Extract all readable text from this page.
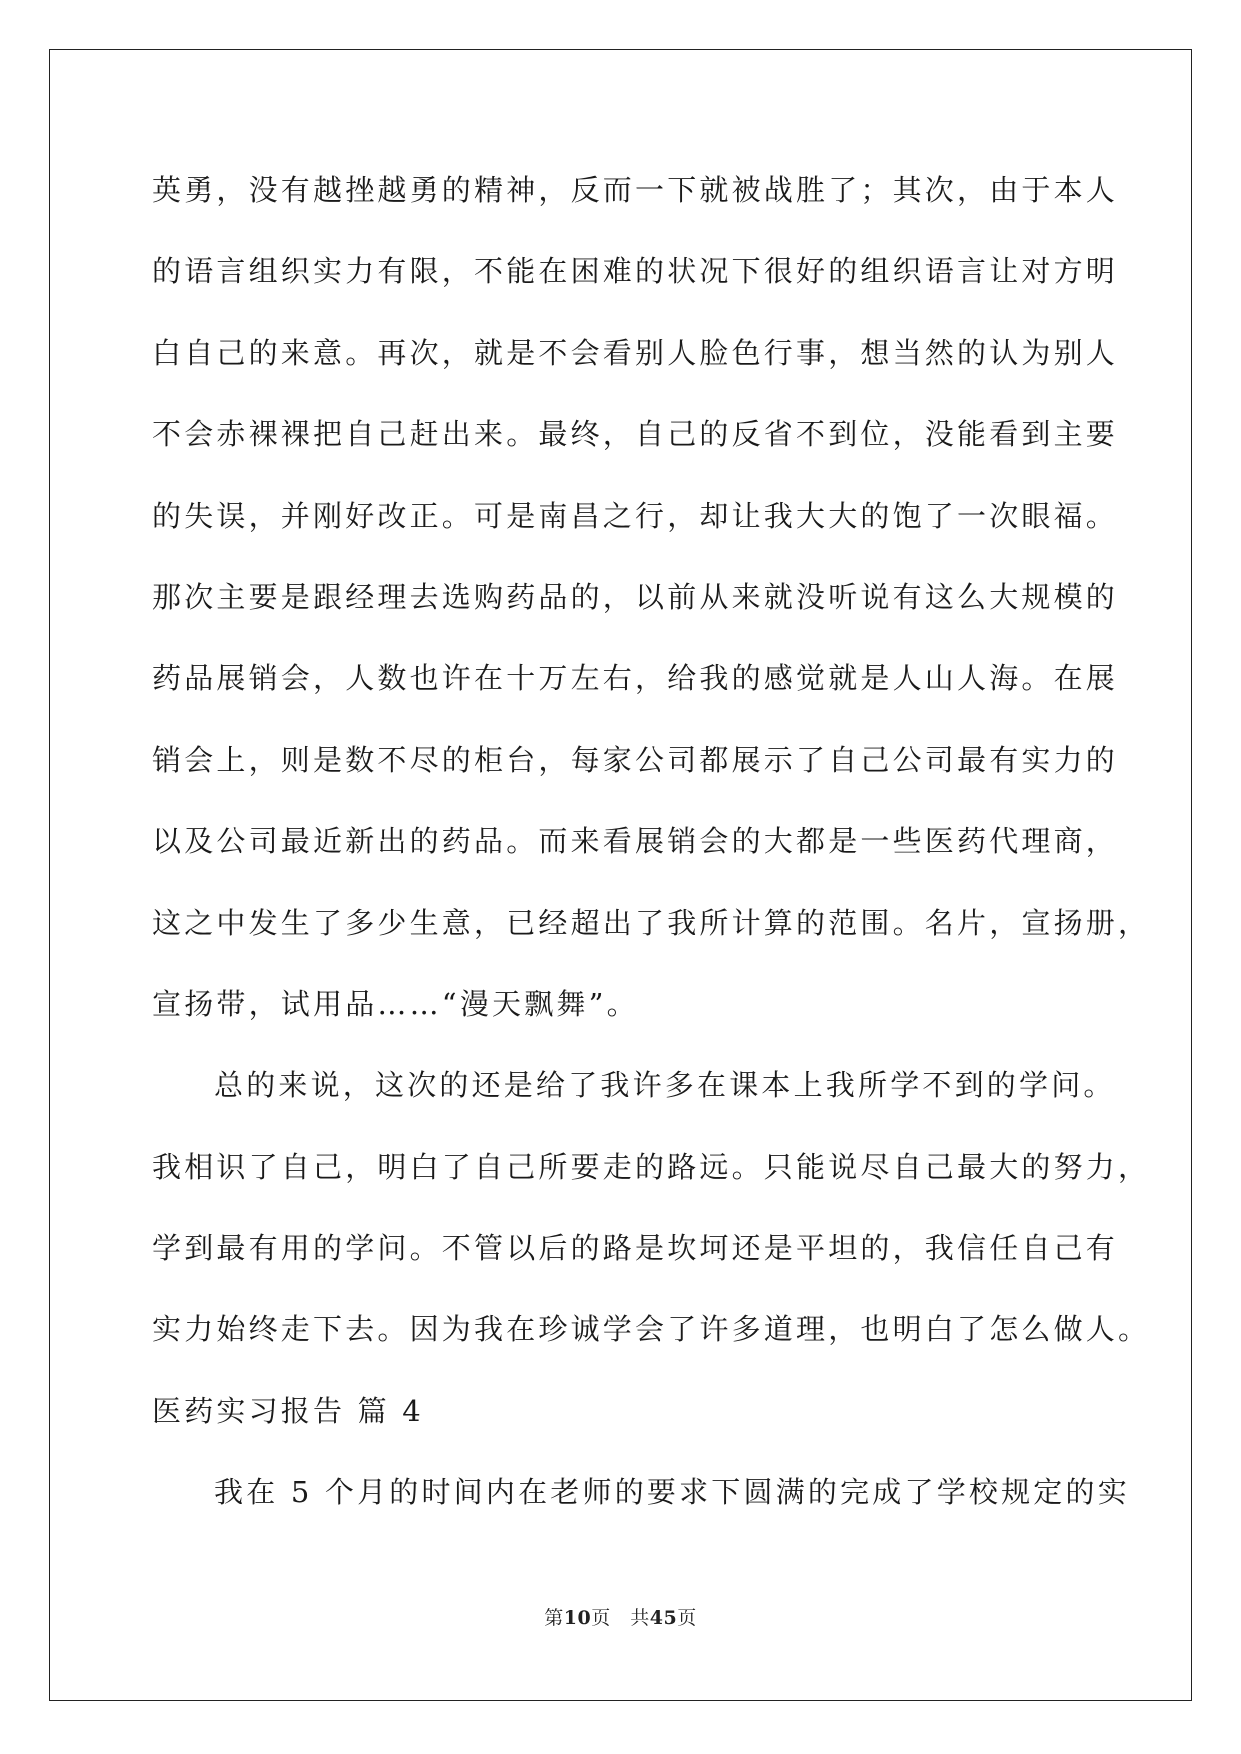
英勇，没有越挫越勇的精神，反而一下就被战胜了；其次，由于本人
的语言组织实力有限，不能在困难的状况下很好的组织语言让对方明
白自己的来意。再次，就是不会看别人脸色行事，想当然的认为别人
不会赤裸裸把自己赶出来。最终，自己的反省不到位，没能看到主要
的失误，并刚好改正。可是南昌之行，却让我大大的饱了一次眼福。
那次主要是跟经理去选购药品的，以前从来就没听说有这么大规模的
药品展销会，人数也许在十万左右，给我的感觉就是人山人海。在展
销会上，则是数不尽的柜台，每家公司都展示了自己公司最有实力的
以及公司最近新出的药品。而来看展销会的大都是一些医药代理商，
这之中发生了多少生意，已经超出了我所计算的范围。名片，宣扬册，
宣扬带，试用品……“漫天飘舞”。
总的来说，这次的还是给了我许多在课本上我所学不到的学问。
我相识了自己，明白了自己所要走的路远。只能说尽自己最大的努力，
学到最有用的学问。不管以后的路是坎坷还是平坦的，我信任自己有
实力始终走下去。因为我在珍诚学会了许多道理，也明白了怎么做人。
医药实习报告 篇 4
我在 5 个月的时间内在老师的要求下圆满的完成了学校规定的实
第10页　共45页
